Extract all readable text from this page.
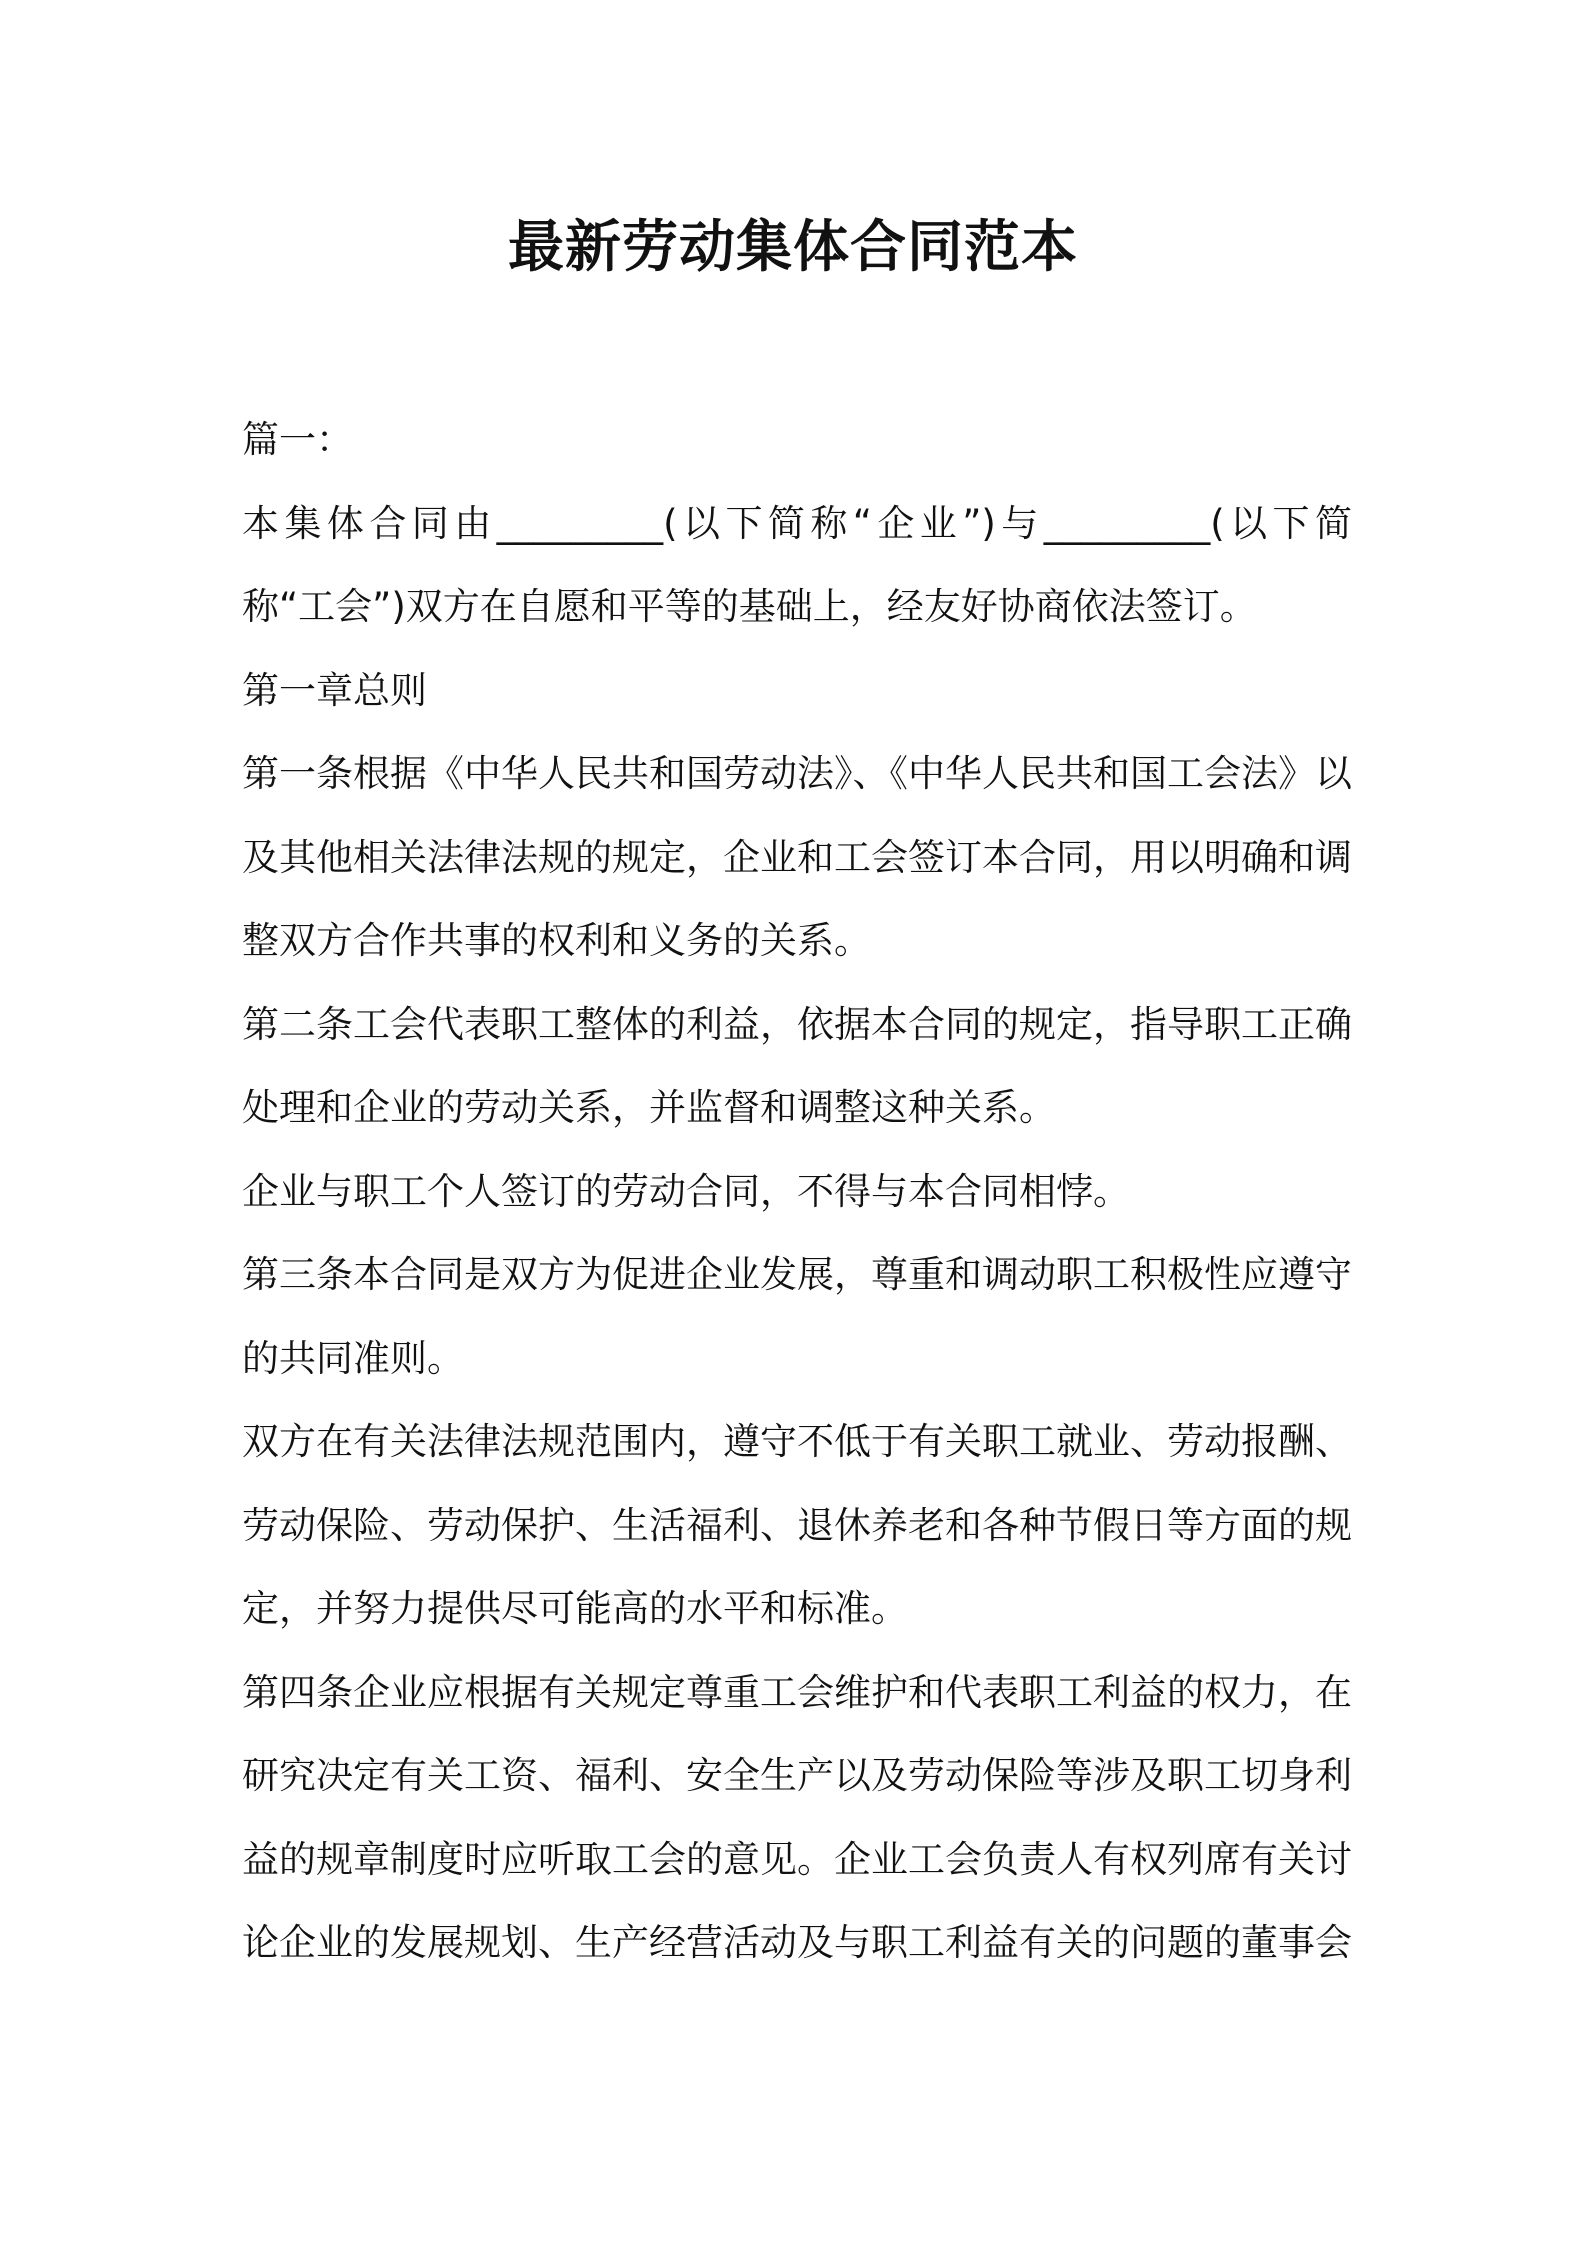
最新劳动集体合同范本
篇一：
本集体合同由_________(以下简称“企业”)与_________(以下简
称“工会”)双方在自愿和平等的基础上，经友好协商依法签订。
第一章总则
第一条根据《中华人民共和国劳动法》、《中华人民共和国工会法》以
及其他相关法律法规的规定，企业和工会签订本合同，用以明确和调
整双方合作共事的权利和义务的关系。
第二条工会代表职工整体的利益，依据本合同的规定，指导职工正确
处理和企业的劳动关系，并监督和调整这种关系。
企业与职工个人签订的劳动合同，不得与本合同相悖。
第三条本合同是双方为促进企业发展，尊重和调动职工积极性应遵守
的共同准则。
双方在有关法律法规范围内，遵守不低于有关职工就业、劳动报酬、
劳动保险、劳动保护、生活福利、退休养老和各种节假日等方面的规
定，并努力提供尽可能高的水平和标准。
第四条企业应根据有关规定尊重工会维护和代表职工利益的权力，在
研究决定有关工资、福利、安全生产以及劳动保险等涉及职工切身利
益的规章制度时应听取工会的意见。企业工会负责人有权列席有关讨
论企业的发展规划、生产经营活动及与职工利益有关的问题的董事会
